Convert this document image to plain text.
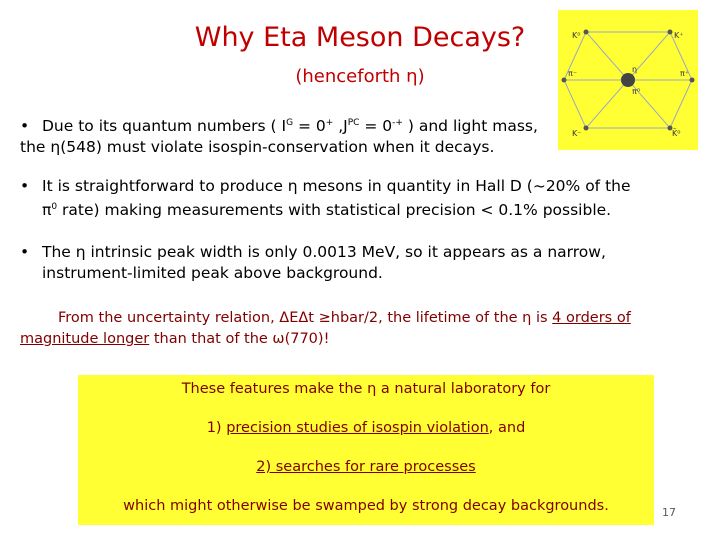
Why Eta Meson Decays?
(henceforth η)
K⁰	K⁺
π⁻	π⁺
η
π⁰
K⁻	K̄⁰
• Due to its quantum numbers ( $I^G = 0^+$ $,J^{PC} = 0^{-+}$ ) and light mass,
the η(548) must violate isospin-conservation when it decays.
• It is straightforward to produce η mesons in quantity in Hall D (~20% of the
$\pi^0$ rate) making measurements with statistical precision < 0.1% possible.
• The η intrinsic peak width is only 0.0013 MeV, so it appears as a narrow,
instrument-limited peak above background.
From the uncertainty relation, ΔEΔt ≥hbar/2, the lifetime of the η is 4 orders of
magnitude longer than that of the ω(770)!
These features make the η a natural laboratory for
1) precision studies of isospin violation, and
2) searches for rare processes
which might otherwise be swamped by strong decay backgrounds.	17
